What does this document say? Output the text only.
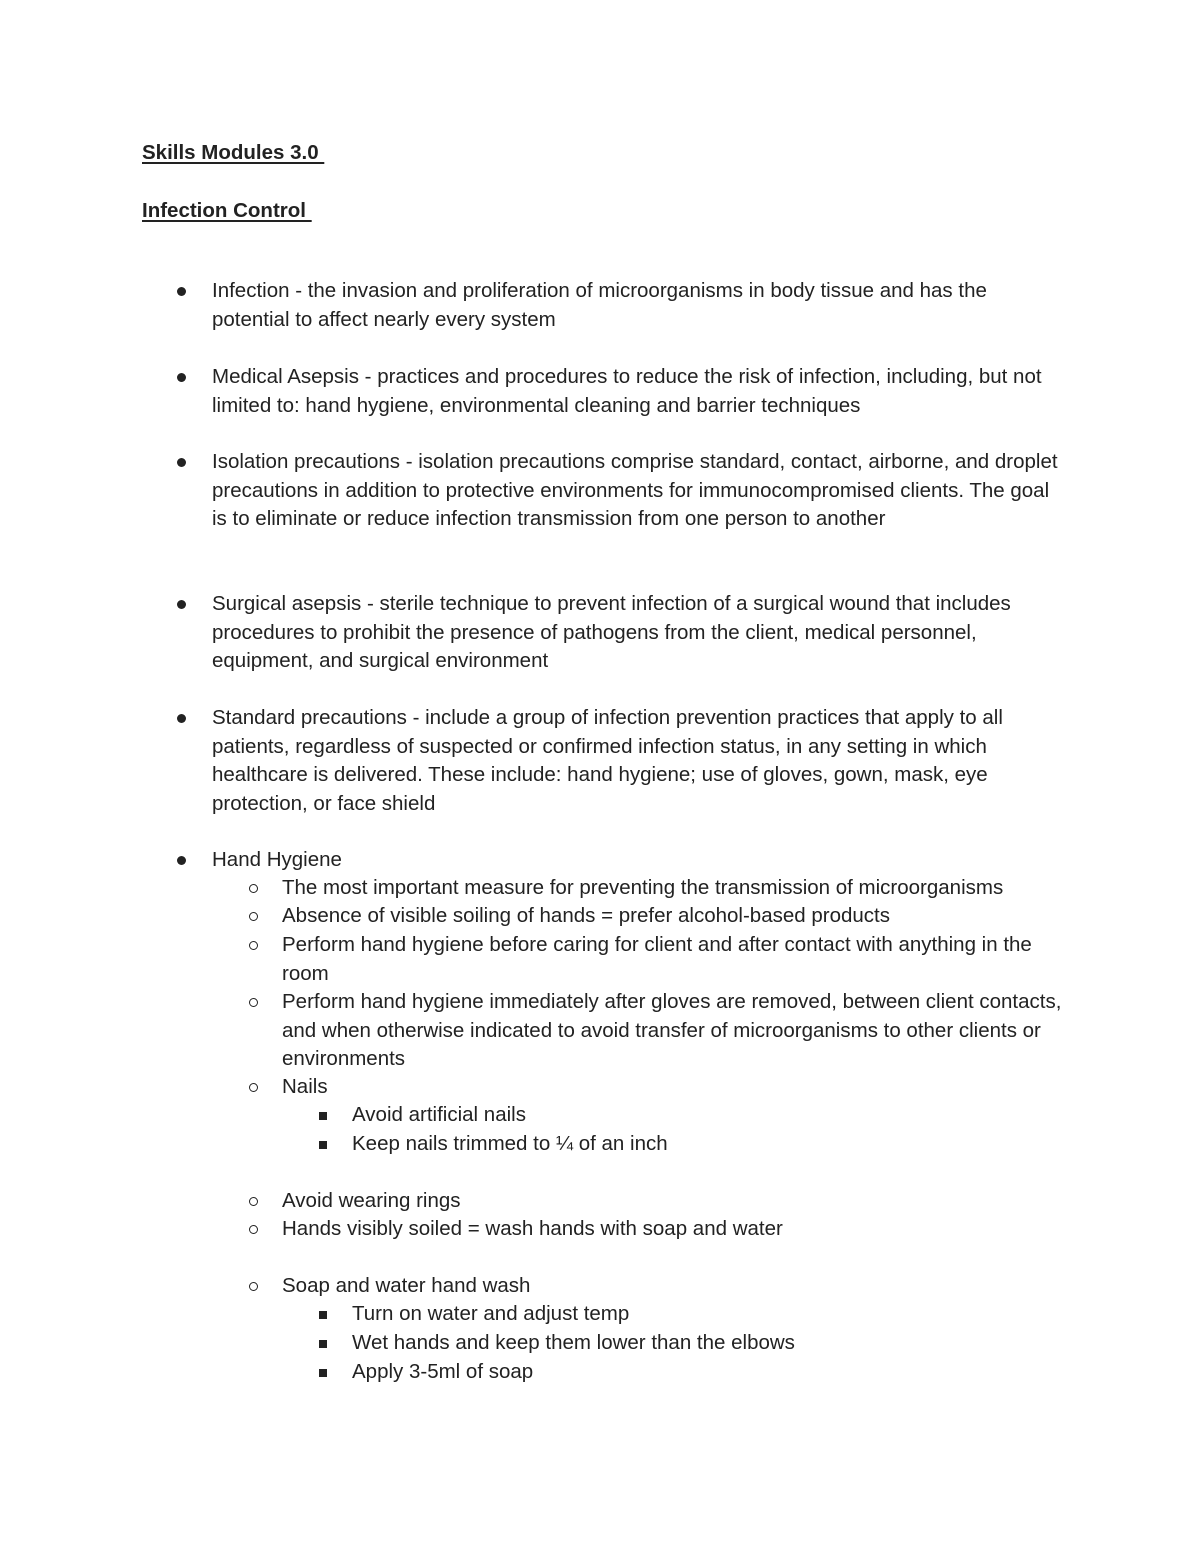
Skills Modules 3.0
Infection Control
Infection - the invasion and proliferation of microorganisms in body tissue and has the potential to affect nearly every system
Medical Asepsis - practices and procedures to reduce the risk of infection, including, but not limited to: hand hygiene, environmental cleaning and barrier techniques
Isolation precautions - isolation precautions comprise standard, contact, airborne, and droplet precautions in addition to protective environments for immunocompromised clients. The goal is to eliminate or reduce infection transmission from one person to another
Surgical asepsis - sterile technique to prevent infection of a surgical wound that includes procedures to prohibit the presence of pathogens from the client, medical personnel, equipment, and surgical environment
Standard precautions - include a group of infection prevention practices that apply to all patients, regardless of suspected or confirmed infection status, in any setting in which healthcare is delivered. These include: hand hygiene; use of gloves, gown, mask, eye protection, or face shield
Hand Hygiene
The most important measure for preventing the transmission of microorganisms
Absence of visible soiling of hands = prefer alcohol-based products
Perform hand hygiene before caring for client and after contact with anything in the room
Perform hand hygiene immediately after gloves are removed, between client contacts, and when otherwise indicated to avoid transfer of microorganisms to other clients or environments
Nails
Avoid artificial nails
Keep nails trimmed to ¼ of an inch
Avoid wearing rings
Hands visibly soiled = wash hands with soap and water
Soap and water hand wash
Turn on water and adjust temp
Wet hands and keep them lower than the elbows
Apply 3-5ml of soap
